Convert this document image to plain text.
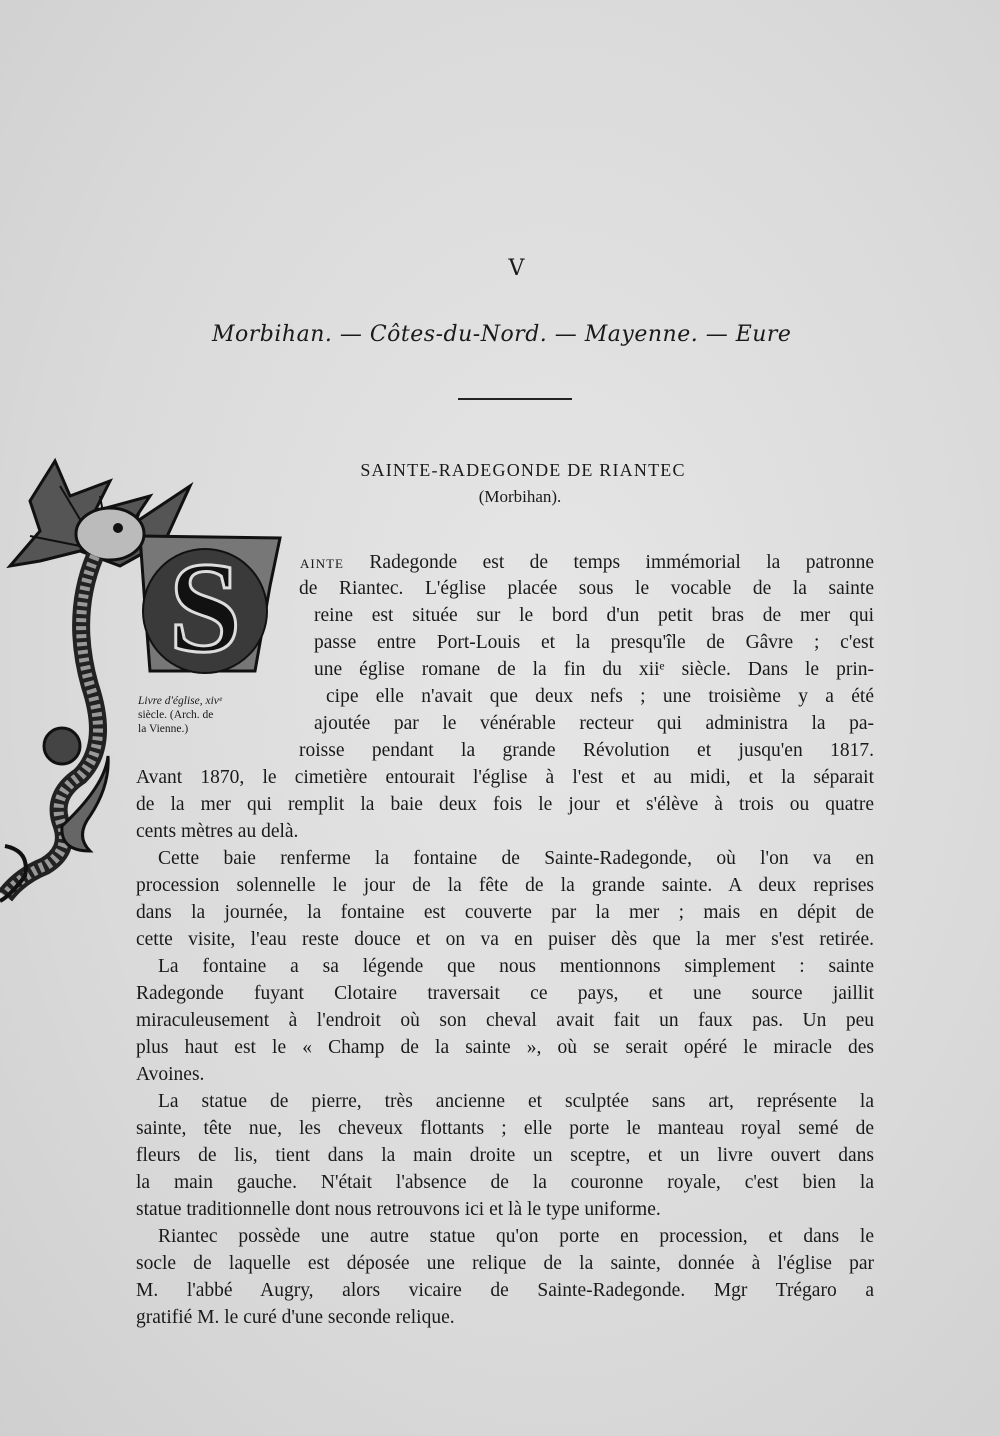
V
Morbihan. — Côtes-du-Nord. — Mayenne. — Eure
SAINTE-RADEGONDE DE RIANTEC
(Morbihan).
S
Livre d'église, xivᵉ
siècle. (Arch. de
la Vienne.)
AINTE Radegonde est de temps immémorial la patronne
de Riantec. L'église placée sous le vocable de la sainte
reine est située sur le bord d'un petit bras de mer qui
passe entre Port-Louis et la presqu'île de Gâvre ; c'est
une église romane de la fin du xiiᵉ siècle. Dans le prin-
cipe elle n'avait que deux nefs ; une troisième y a été
ajoutée par le vénérable recteur qui administra la pa-
roisse pendant la grande Révolution et jusqu'en 1817.
Avant 1870, le cimetière entourait l'église à l'est et au midi, et la séparait
de la mer qui remplit la baie deux fois le jour et s'élève à trois ou quatre
cents mètres au delà.
Cette baie renferme la fontaine de Sainte-Radegonde, où l'on va en
procession solennelle le jour de la fête de la grande sainte. A deux reprises
dans la journée, la fontaine est couverte par la mer ; mais en dépit de
cette visite, l'eau reste douce et on va en puiser dès que la mer s'est retirée.
La fontaine a sa légende que nous mentionnons simplement : sainte
Radegonde fuyant Clotaire traversait ce pays, et une source jaillit
miraculeusement à l'endroit où son cheval avait fait un faux pas. Un peu
plus haut est le « Champ de la sainte », où se serait opéré le miracle des
Avoines.
La statue de pierre, très ancienne et sculptée sans art, représente la
sainte, tête nue, les cheveux flottants ; elle porte le manteau royal semé de
fleurs de lis, tient dans la main droite un sceptre, et un livre ouvert dans
la main gauche. N'était l'absence de la couronne royale, c'est bien la
statue traditionnelle dont nous retrouvons ici et là le type uniforme.
Riantec possède une autre statue qu'on porte en procession, et dans le
socle de laquelle est déposée une relique de la sainte, donnée à l'église par
M. l'abbé Augry, alors vicaire de Sainte-Radegonde. Mgr Trégaro a
gratifié M. le curé d'une seconde relique.
